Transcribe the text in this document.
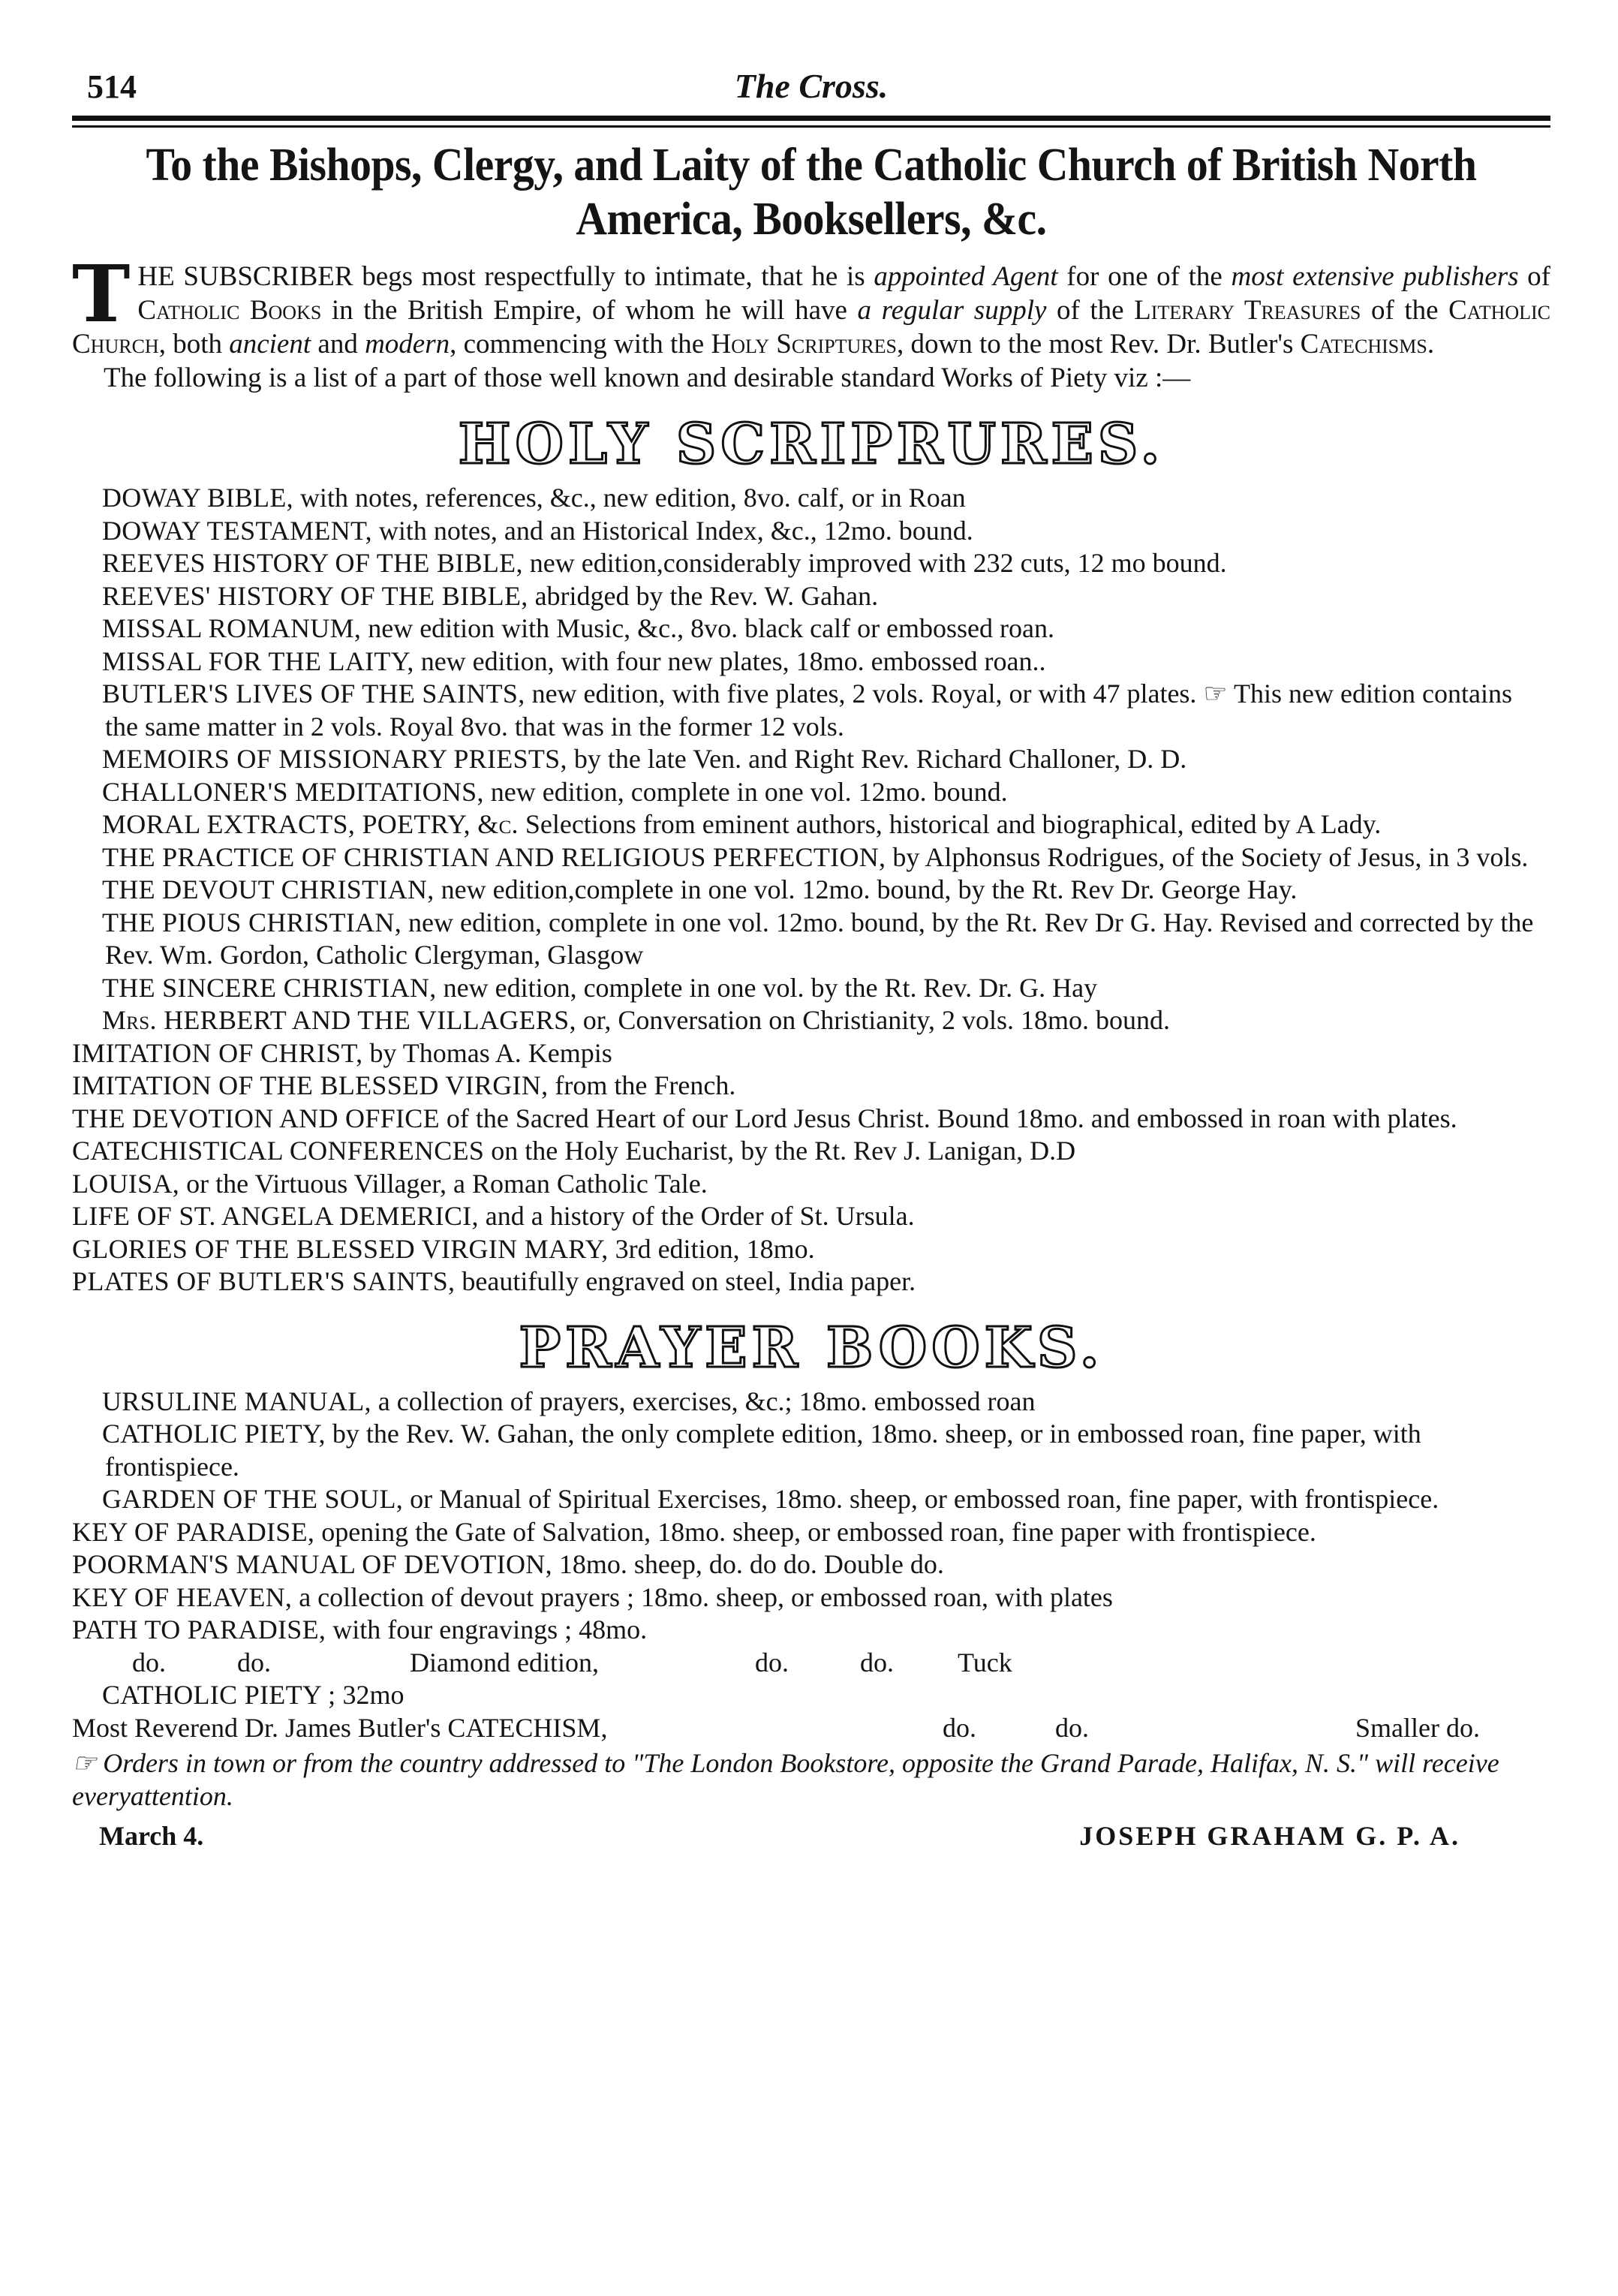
514	The Cross.
To the Bishops, Clergy, and Laity of the Catholic Church of British North America, Booksellers, &c.

THE SUBSCRIBER begs most respectfully to intimate, that he is appointed Agent for one of the most extensive publishers of Catholic Books in the British Empire, of whom he will have a regular supply of the Literary Treasures of the Catholic Church, both ancient and modern, commencing with the Holy Scriptures, down to the most Rev. Dr. Butler's Catechisms.

The following is a list of a part of those well known and desirable standard Works of Piety viz :—

HOLY SCRIPRURES.

DOWAY BIBLE, with notes, references, &c., new edition, 8vo. calf, or in Roan

DOWAY TESTAMENT, with notes, and an Historical Index, &c., 12mo. bound.

REEVES HISTORY OF THE BIBLE, new edition,considerably improved with 232 cuts, 12 mo bound.

REEVES' HISTORY OF THE BIBLE, abridged by the Rev. W. Gahan.

MISSAL ROMANUM, new edition with Music, &c., 8vo. black calf or embossed roan.

MISSAL FOR THE LAITY, new edition, with four new plates, 18mo. embossed roan..

BUTLER'S LIVES OF THE SAINTS, new edition, with five plates, 2 vols. Royal, or with 47 plates. ☞ This new edition contains the same matter in 2 vols. Royal 8vo. that was in the former 12 vols.

MEMOIRS OF MISSIONARY PRIESTS, by the late Ven. and Right Rev. Richard Challoner, D. D.

CHALLONER'S MEDITATIONS, new edition, complete in one vol. 12mo. bound.

MORAL EXTRACTS, POETRY, &c. Selections from eminent authors, historical and biographical, edited by A Lady.

THE PRACTICE OF CHRISTIAN AND RELIGIOUS PERFECTION, by Alphonsus Rodrigues, of the Society of Jesus, in 3 vols.

THE DEVOUT CHRISTIAN, new edition,complete in one vol. 12mo. bound, by the Rt. Rev Dr. George Hay.

THE PIOUS CHRISTIAN, new edition, complete in one vol. 12mo. bound, by the Rt. Rev Dr G. Hay. Revised and corrected by the Rev. Wm. Gordon, Catholic Clergyman, Glasgow

THE SINCERE CHRISTIAN, new edition, complete in one vol. by the Rt. Rev. Dr. G. Hay

Mrs. HERBERT AND THE VILLAGERS, or, Conversation on Christianity, 2 vols. 18mo. bound.

IMITATION OF CHRIST, by Thomas A. Kempis

IMITATION OF THE BLESSED VIRGIN, from the French.

THE DEVOTION AND OFFICE of the Sacred Heart of our Lord Jesus Christ. Bound 18mo. and embossed in roan with plates.

CATECHISTICAL CONFERENCES on the Holy Eucharist, by the Rt. Rev J. Lanigan, D.D

LOUISA, or the Virtuous Villager, a Roman Catholic Tale.

LIFE OF ST. ANGELA DEMERICI, and a history of the Order of St. Ursula.

GLORIES OF THE BLESSED VIRGIN MARY, 3rd edition, 18mo.

PLATES OF BUTLER'S SAINTS, beautifully engraved on steel, India paper.

PRAYER BOOKS.

URSULINE MANUAL, a collection of prayers, exercises, &c.; 18mo. embossed roan

CATHOLIC PIETY, by the Rev. W. Gahan, the only complete edition, 18mo. sheep, or in embossed roan, fine paper, with frontispiece.

GARDEN OF THE SOUL, or Manual of Spiritual Exercises, 18mo. sheep, or embossed roan, fine paper, with frontispiece.

KEY OF PARADISE, opening the Gate of Salvation, 18mo. sheep, or embossed roan, fine paper with frontispiece.

POORMAN'S MANUAL OF DEVOTION, 18mo. sheep, do. do do. Double do.

KEY OF HEAVEN, a collection of devout prayers ; 18mo. sheep, or embossed roan, with plates

PATH TO PARADISE, with four engravings ; 48mo.

do.	do.	Diamond edition,	do.	do.	Tuck

CATHOLIC PIETY ; 32mo

Most Reverend Dr. James Butler's CATECHISM,	do.	do.	Smaller do.

☞ Orders in town or from the country addressed to "The London Bookstore, opposite the Grand Parade, Halifax, N. S." will receive everyattention.

March 4.	JOSEPH GRAHAM G. P. A.
